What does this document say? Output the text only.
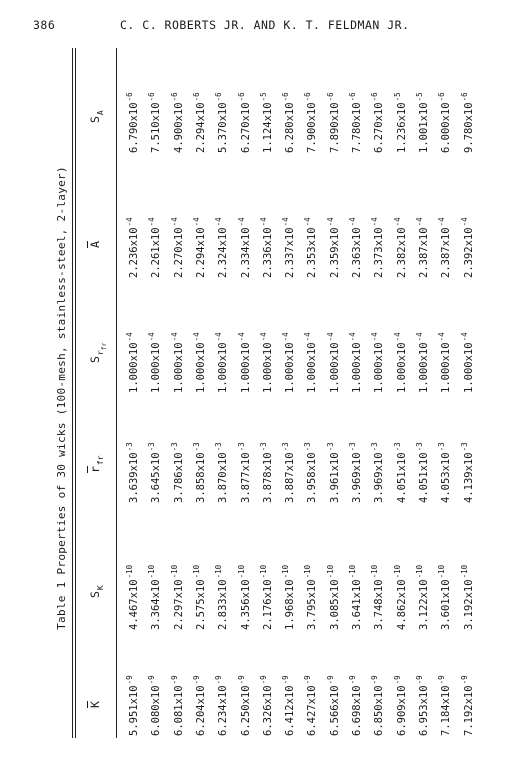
386	C. C. ROBERTS JR. AND K. T. FELDMAN JR.
Table 1 Properties of 30 wicks (100-mesh, stainless-steel, 2-layer)
$\overline{K}$
$S_K$
$\overline{r}_{fr}$
$S_{r_{fr}}$
$\overline{A}$
$S_A$
$5.951x10^{-9}$
$4.467x10^{-10}$
$3.639x10^{-3}$
$1.000x10^{-4}$
$2.236x10^{-4}$
$6.790x10^{-6}$
$6.080x10^{-9}$
$3.364x10^{-10}$
$3.645x10^{-3}$
$1.000x10^{-4}$
$2.261x10^{-4}$
$7.510x10^{-6}$
$6.081x10^{-9}$
$2.297x10^{-10}$
$3.786x10^{-3}$
$1.000x10^{-4}$
$2.270x10^{-4}$
$4.900x10^{-6}$
$6.204x10^{-9}$
$2.575x10^{-10}$
$3.858x10^{-3}$
$1.000x10^{-4}$
$2.294x10^{-4}$
$2.294x10^{-6}$
$6.234x10^{-9}$
$2.833x10^{-10}$
$3.870x10^{-3}$
$1.000x10^{-4}$
$2.324x10^{-4}$
$5.370x10^{-6}$
$6.250x10^{-9}$
$4.356x10^{-10}$
$3.877x10^{-3}$
$1.000x10^{-4}$
$2.334x10^{-4}$
$6.270x10^{-6}$
$6.326x10^{-9}$
$2.176x10^{-10}$
$3.878x10^{-3}$
$1.000x10^{-4}$
$2.336x10^{-4}$
$1.124x10^{-5}$
$6.412x10^{-9}$
$1.968x10^{-10}$
$3.887x10^{-3}$
$1.000x10^{-4}$
$2.337x10^{-4}$
$6.280x10^{-6}$
$6.427x10^{-9}$
$3.795x10^{-10}$
$3.958x10^{-3}$
$1.000x10^{-4}$
$2.353x10^{-4}$
$7.900x10^{-6}$
$6.566x10^{-9}$
$3.085x10^{-10}$
$3.961x10^{-3}$
$1.000x10^{-4}$
$2.359x10^{-4}$
$7.890x10^{-6}$
$6.698x10^{-9}$
$3.641x10^{-10}$
$3.969x10^{-3}$
$1.000x10^{-4}$
$2.363x10^{-4}$
$7.780x10^{-6}$
$6.850x10^{-9}$
$3.748x10^{-10}$
$3.969x10^{-3}$
$1.000x10^{-4}$
$2.373x10^{-4}$
$6.270x10^{-6}$
$6.909x10^{-9}$
$4.862x10^{-10}$
$4.051x10^{-3}$
$1.000x10^{-4}$
$2.382x10^{-4}$
$1.236x10^{-5}$
$6.953x10^{-9}$
$3.122x10^{-10}$
$4.051x10^{-3}$
$1.000x10^{-4}$
$2.387x10^{-4}$
$1.001x10^{-5}$
$7.184x10^{-9}$
$3.601x10^{-10}$
$4.053x10^{-3}$
$1.000x10^{-4}$
$2.387x10^{-4}$
$6.000x10^{-6}$
$7.192x10^{-9}$
$3.192x10^{-10}$
$4.139x10^{-3}$
$1.000x10^{-4}$
$2.392x10^{-4}$
$9.780x10^{-6}$
